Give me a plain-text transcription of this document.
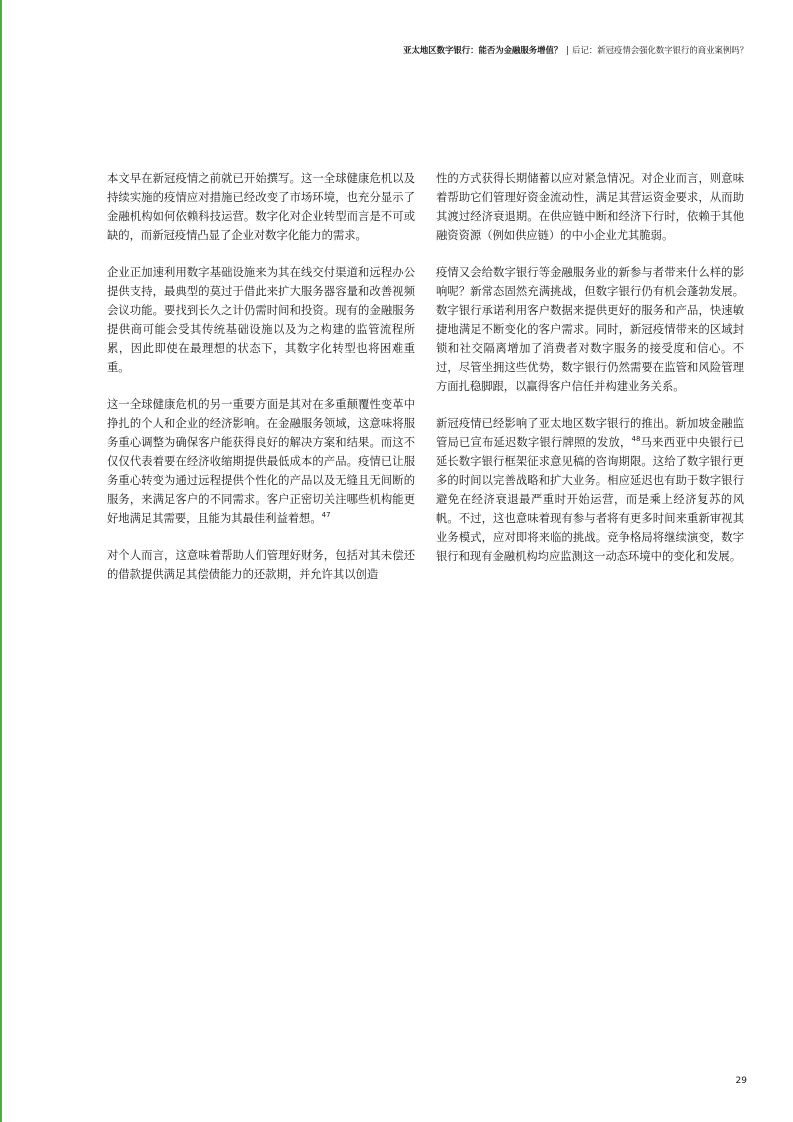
亚太地区数字银行：能否为金融服务增值？ | 后记：新冠疫情会强化数字银行的商业案例吗？

本文早在新冠疫情之前就已开始撰写。这一全球健康危机以及持续实施的疫情应对措施已经改变了市场环境，也充分显示了金融机构如何依赖科技运营。数字化对企业转型而言是不可或缺的，而新冠疫情凸显了企业对数字化能力的需求。

企业正加速利用数字基础设施来为其在线交付渠道和远程办公提供支持，最典型的莫过于借此来扩大服务器容量和改善视频会议功能。要找到长久之计仍需时间和投资。现有的金融服务提供商可能会受其传统基础设施以及为之构建的监管流程所累，因此即使在最理想的状态下，其数字化转型也将困难重重。

这一全球健康危机的另一重要方面是其对在多重颠覆性变革中挣扎的个人和企业的经济影响。在金融服务领域，这意味将服务重心调整为确保客户能获得良好的解决方案和结果。而这不仅仅代表着要在经济收缩期提供最低成本的产品。疫情已让服务重心转变为通过远程提供个性化的产品以及无缝且无间断的服务，来满足客户的不同需求。客户正密切关注哪些机构能更好地满足其需要，且能为其最佳利益着想。$^{47}$

对个人而言，这意味着帮助人们管理好财务，包括对其未偿还的借款提供满足其偿债能力的还款期，并允许其以创造

性的方式获得长期储蓄以应对紧急情况。对企业而言，则意味着帮助它们管理好资金流动性，满足其营运资金要求，从而助其渡过经济衰退期。在供应链中断和经济下行时，依赖于其他融资资源（例如供应链）的中小企业尤其脆弱。

疫情又会给数字银行等金融服务业的新参与者带来什么样的影响呢？新常态固然充满挑战，但数字银行仍有机会蓬勃发展。数字银行承诺利用客户数据来提供更好的服务和产品，快速敏捷地满足不断变化的客户需求。同时，新冠疫情带来的区域封锁和社交隔离增加了消费者对数字服务的接受度和信心。不过，尽管坐拥这些优势，数字银行仍然需要在监管和风险管理方面扎稳脚跟，以赢得客户信任并构建业务关系。

新冠疫情已经影响了亚太地区数字银行的推出。新加坡金融监管局已宣布延迟数字银行牌照的发放，$^{48}$马来西亚中央银行已延长数字银行框架征求意见稿的咨询期限。这给了数字银行更多的时间以完善战略和扩大业务。相应延迟也有助于数字银行避免在经济衰退最严重时开始运营，而是乘上经济复苏的风帆。不过，这也意味着现有参与者将有更多时间来重新审视其业务模式，应对即将来临的挑战。竞争格局将继续演变，数字银行和现有金融机构均应监测这一动态环境中的变化和发展。

29
